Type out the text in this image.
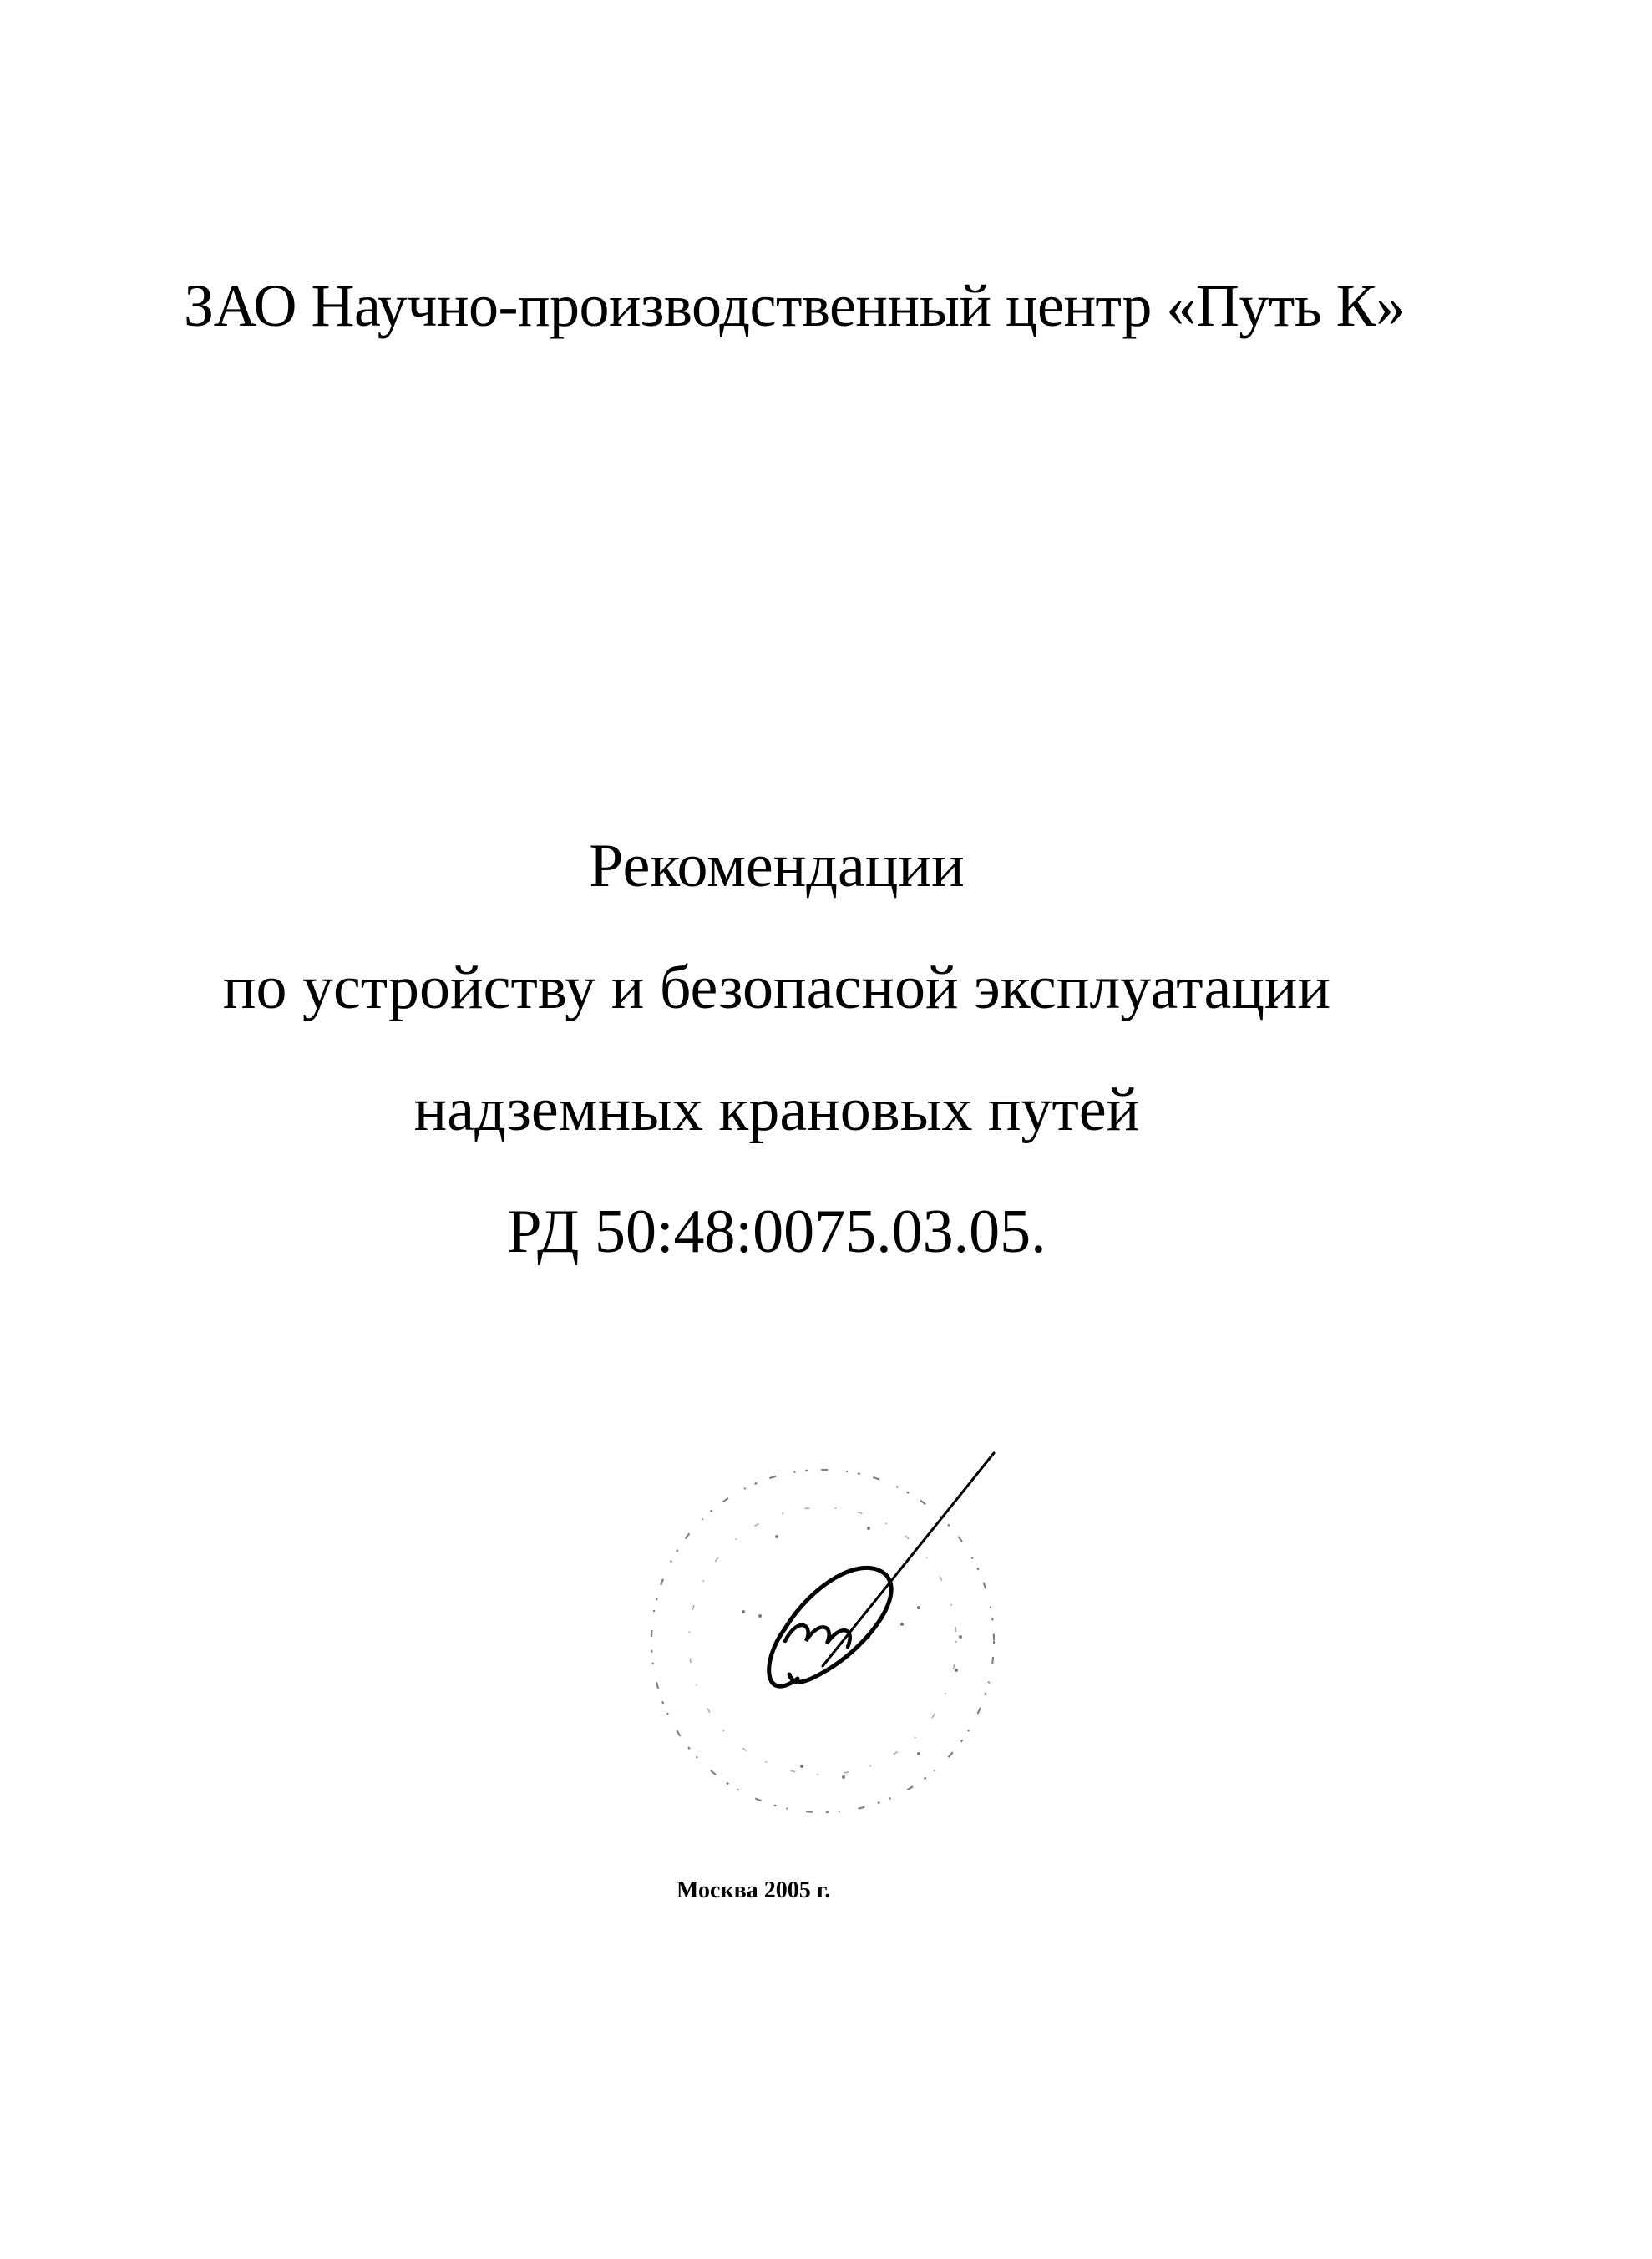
ЗАО Научно-производственный центр «Путь К»
Рекомендации
по устройству и безопасной эксплуатации
надземных крановых путей
РД 50:48:0075.03.05.
Москва 2005 г.
